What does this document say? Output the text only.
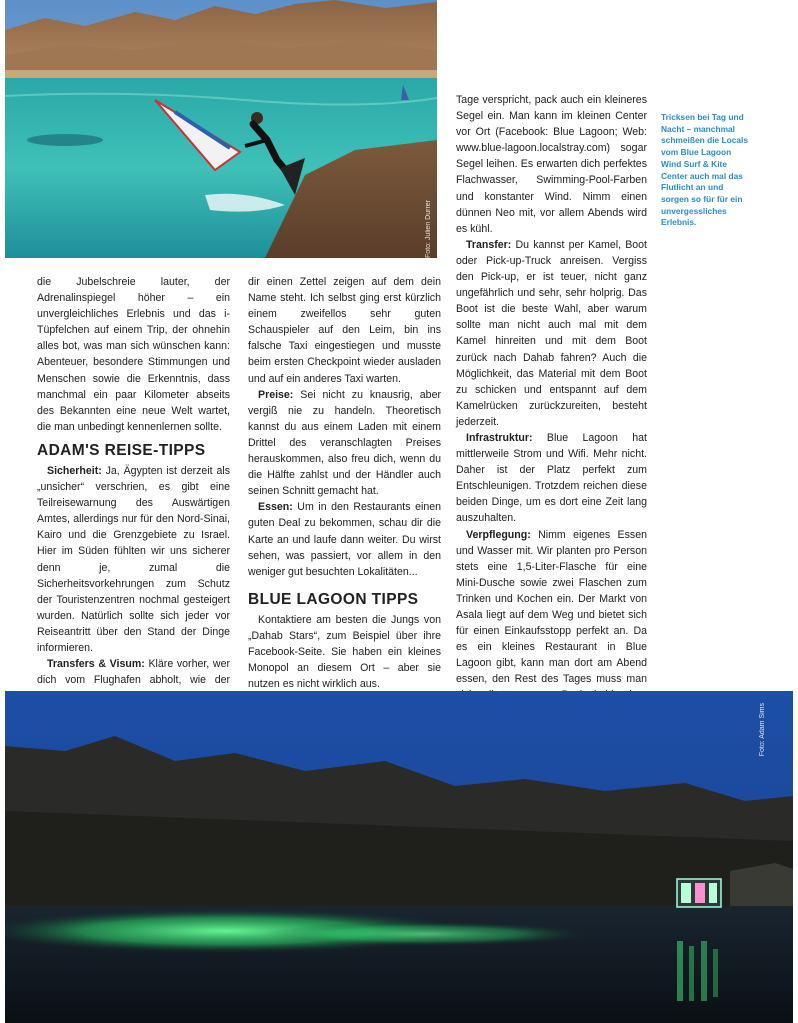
Foto: Julien Durrer
Tricksen bei Tag und Nacht – manchmal schmeißen die Locals vom Blue Lagoon Wind Surf & Kite Center auch mal das Flutlicht an und sorgen so für für ein unvergessliches Erlebnis.

die Jubelschreie lauter, der Adrenalinspiegel höher – ein unvergleichliches Erlebnis und das i-Tüpfelchen auf einem Trip, der ohnehin alles bot, was man sich wünschen kann: Abenteuer, besondere Stimmungen und Menschen sowie die Erkenntnis, dass manchmal ein paar Kilometer abseits des Bekannten eine neue Welt wartet, die man unbedingt kennenlernen sollte.

ADAM'S REISE-TIPPS

Sicherheit: Ja, Ägypten ist derzeit als „unsicher“ verschrien, es gibt eine Teilreisewarnung des Auswärtigen Amtes, allerdings nur für den Nord-Sinai, Kairo und die Grenzgebiete zu Israel. Hier im Süden fühlten wir uns sicherer denn je, zumal die Sicherheitsvorkehrungen zum Schutz der Touristenzentren nochmal gesteigert wurden. Natürlich sollte sich jeder vor Reiseantritt über den Stand der Dinge informieren.

Transfers & Visum: Kläre vorher, wer dich vom Flughafen abholt, wie der

dir einen Zettel zeigen auf dem dein Name steht. Ich selbst ging erst kürzlich einem zweifellos sehr guten Schauspieler auf den Leim, bin ins falsche Taxi eingestiegen und musste beim ersten Checkpoint wieder ausladen und auf ein anderes Taxi warten.

Preise: Sei nicht zu knausrig, aber vergiß nie zu handeln. Theoretisch kannst du aus einem Laden mit einem Drittel des veranschlagten Preises herauskommen, also freu dich, wenn du die Hälfte zahlst und der Händler auch seinen Schnitt gemacht hat.

Essen: Um in den Restaurants einen guten Deal zu bekommen, schau dir die Karte an und laufe dann weiter. Du wirst sehen, was passiert, vor allem in den weniger gut besuchten Lokalitäten...

BLUE LAGOON TIPPS

Kontaktiere am besten die Jungs von „Dahab Stars“, zum Beispiel über ihre Facebook-Seite. Sie haben ein kleines Monopol an diesem Ort – aber sie nutzen es nicht wirklich aus.

Tage verspricht, pack auch ein kleineres Segel ein. Man kann im kleinen Center vor Ort (Facebook: Blue Lagoon; Web: www.blue-lagoon.localstray.com) sogar Segel leihen. Es erwarten dich perfektes Flachwasser, Swimming-Pool-Farben und konstanter Wind. Nimm einen dünnen Neo mit, vor allem Abends wird es kühl.

Transfer: Du kannst per Kamel, Boot oder Pick-up-Truck anreisen. Vergiss den Pick-up, er ist teuer, nicht ganz ungefährlich und sehr, sehr holprig. Das Boot ist die beste Wahl, aber warum sollte man nicht auch mal mit dem Kamel hinreiten und mit dem Boot zurück nach Dahab fahren? Auch die Möglichkeit, das Material mit dem Boot zu schicken und entspannt auf dem Kamelrücken zurückzureiten, besteht jederzeit.

Infrastruktur: Blue Lagoon hat mittlerweile Strom und Wifi. Mehr nicht. Daher ist der Platz perfekt zum Entschleunigen. Trotzdem reichen diese beiden Dinge, um es dort eine Zeit lang auszuhalten.

Verpflegung: Nimm eigenes Essen und Wasser mit. Wir planten pro Person stets eine 1,5-Liter-Flasche für eine Mini-Dusche sowie zwei Flaschen zum Trinken und Kochen ein. Der Markt von Asala liegt auf dem Weg und bietet sich für einen Einkaufsstopp perfekt an. Da es ein kleines Restaurant in Blue Lagoon gibt, kann man dort am Abend essen, den Rest des Tages muss man

Foto: Adam Sims
